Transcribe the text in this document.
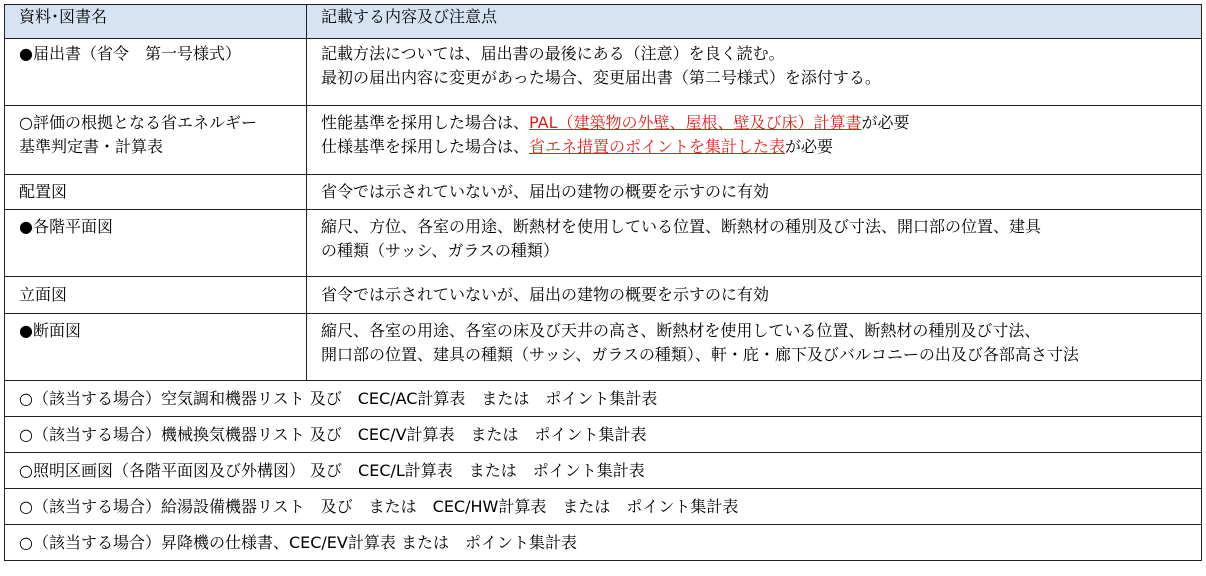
資料･図書名	記載する内容及び注意点
●届出書（省令　第一号様式）	記載方法については、届出書の最後にある（注意）を良く読む。
最初の届出内容に変更があった場合、変更届出書（第二号様式）を添付する。

○評価の根拠となる省エネルギー
基準判定書・計算表	性能基準を採用した場合は、PAL（建築物の外壁、屋根、壁及び床）計算書が必要
仕様基準を採用した場合は、省エネ措置のポイントを集計した表が必要

配置図	省令では示されていないが、届出の建物の概要を示すのに有効
●各階平面図	縮尺、方位、各室の用途、断熱材を使用している位置、断熱材の種別及び寸法、開口部の位置、建具
の種類（サッシ、ガラスの種類）

立面図	省令では示されていないが、届出の建物の概要を示すのに有効
●断面図	縮尺、各室の用途、各室の床及び天井の高さ、断熱材を使用している位置、断熱材の種別及び寸法、
開口部の位置、建具の種類（サッシ、ガラスの種類）、軒・庇・廊下及びバルコニーの出及び各部高さ寸法

○（該当する場合）空気調和機器リスト 及び　CEC/AC計算表　または　ポイント集計表	
○（該当する場合）機械換気機器リスト 及び　CEC/V計算表　または　ポイント集計表	
○照明区画図（各階平面図及び外構図） 及び　CEC/L計算表　または　ポイント集計表	
○（該当する場合）給湯設備機器リスト　及び　または　CEC/HW計算表　または　ポイント集計表	
○（該当する場合）昇降機の仕様書、CEC/EV計算表 または　ポイント集計表	
